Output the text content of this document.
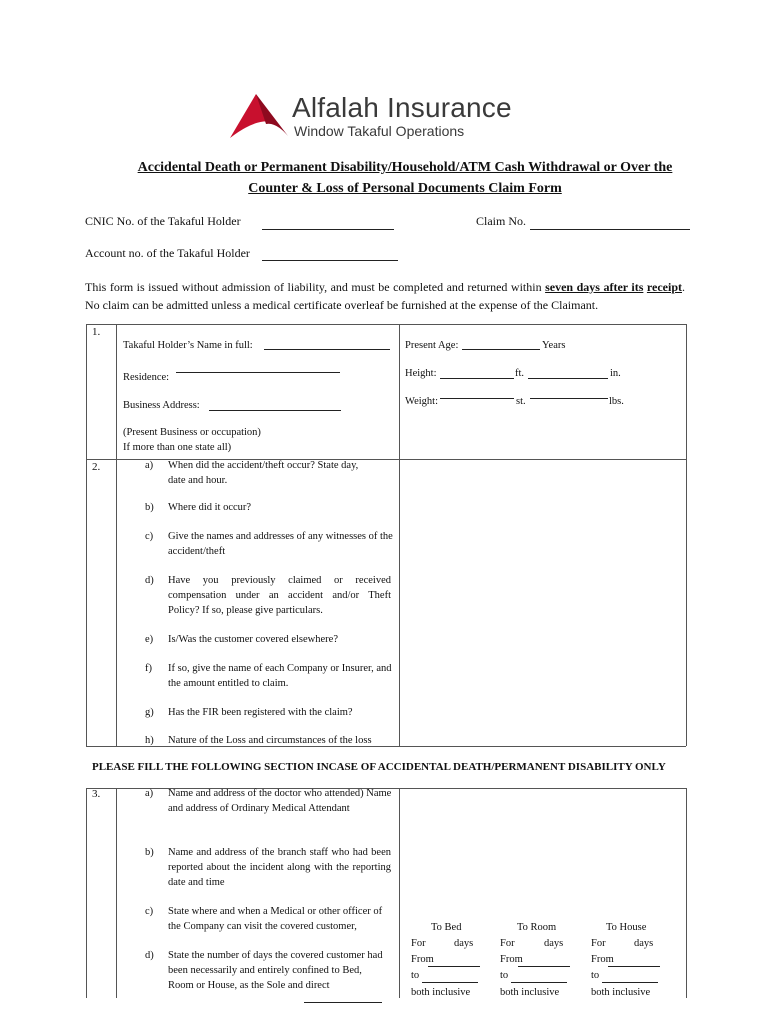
Alfalah Insurance
Window Takaful Operations
Accidental Death or Permanent Disability/Household/ATM Cash Withdrawal or Over the
Counter & Loss of Personal Documents Claim Form
CNIC No. of the Takaful Holder	Claim No.
Account no. of the Takaful Holder
This form is issued without admission of liability, and must be completed and returned within seven days after its receipt. No claim can be admitted unless a medical certificate overleaf be furnished at the expense of the Claimant.
1.
Takaful Holder’s Name in full:
Residence:
Business Address:
(Present Business or occupation)
If more than one state all)
Present Age:	Years
Height:	ft.	in.
Weight:	st.	lbs.
2.	a) When did the accident/theft occur? State day, date and hour.
b) Where did it occur?
c) Give the names and addresses of any witnesses of the accident/theft
d) Have you previously claimed or received compensation under an accident and/or Theft Policy? If so, please give particulars.
e) Is/Was the customer covered elsewhere?
f) If so, give the name of each Company or Insurer, and the amount entitled to claim.
g) Has the FIR been registered with the claim?
h) Nature of the Loss and circumstances of the loss
PLEASE FILL THE FOLLOWING SECTION INCASE OF ACCIDENTAL DEATH/PERMANENT DISABILITY ONLY
3.	a) Name and address of the doctor who attended) Name and address of Ordinary Medical Attendant
b) Name and address of the branch staff who had been reported about the incident along with the reporting date and time
c) State where and when a Medical or other officer of the Company can visit the covered customer,
d) State the number of days the covered customer had been necessarily and entirely confined to Bed, Room or House, as the Sole and direct
To Bed
For	days
From
to
both inclusive
To Room
For	days
From
to
both inclusive
To House
For	days
From
to
both inclusive
